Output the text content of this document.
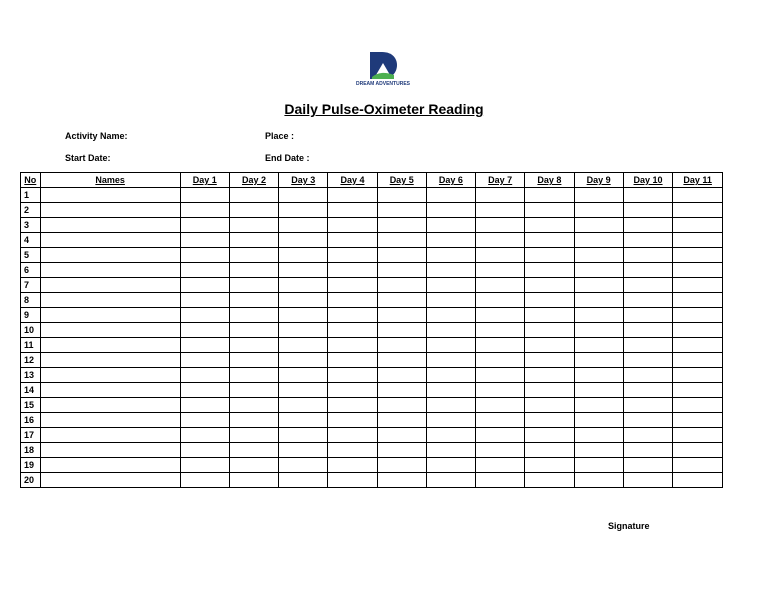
DREAM ADVENTURES
Daily Pulse-Oximeter Reading
Activity Name:	Place :
Start Date:	End Date :
No	Names	Day 1	Day 2	Day 3	Day 4	Day 5	Day 6	Day 7	Day 8	Day 9	Day 10	Day 11
1												
2												
3												
4												
5												
6												
7												
8												
9												
10												
11												
12												
13												
14												
15												
16												
17												
18												
19												
20												
Signature
